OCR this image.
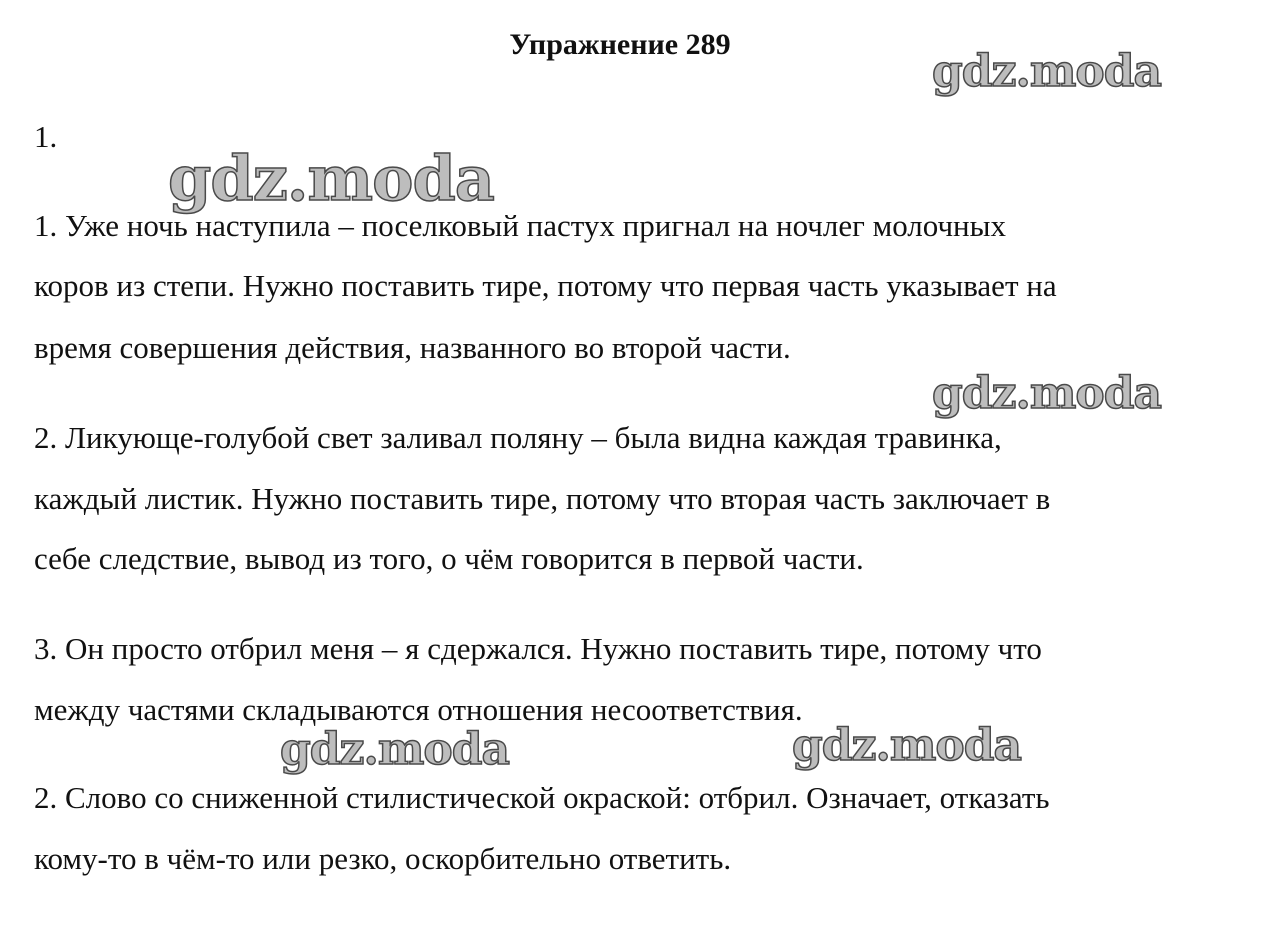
Упражнение 289
1.
1. Уже ночь наступила – поселковый пастух пригнал на ночлег молочных
коров из степи. Нужно поставить тире, потому что первая часть указывает на
время совершения действия, названного во второй части.
2. Ликующе-голубой свет заливал поляну – была видна каждая травинка,
каждый листик. Нужно поставить тире, потому что вторая часть заключает в
себе следствие, вывод из того, о чём говорится в первой части.
3. Он просто отбрил меня – я сдержался. Нужно поставить тире, потому что
между частями складываются отношения несоответствия.
2. Слово со сниженной стилистической окраской: отбрил. Означает, отказать
кому-то в чём-то или резко, оскорбительно ответить.
gdz.moda
gdz.moda
gdz.moda
gdz.moda	gdz.moda
